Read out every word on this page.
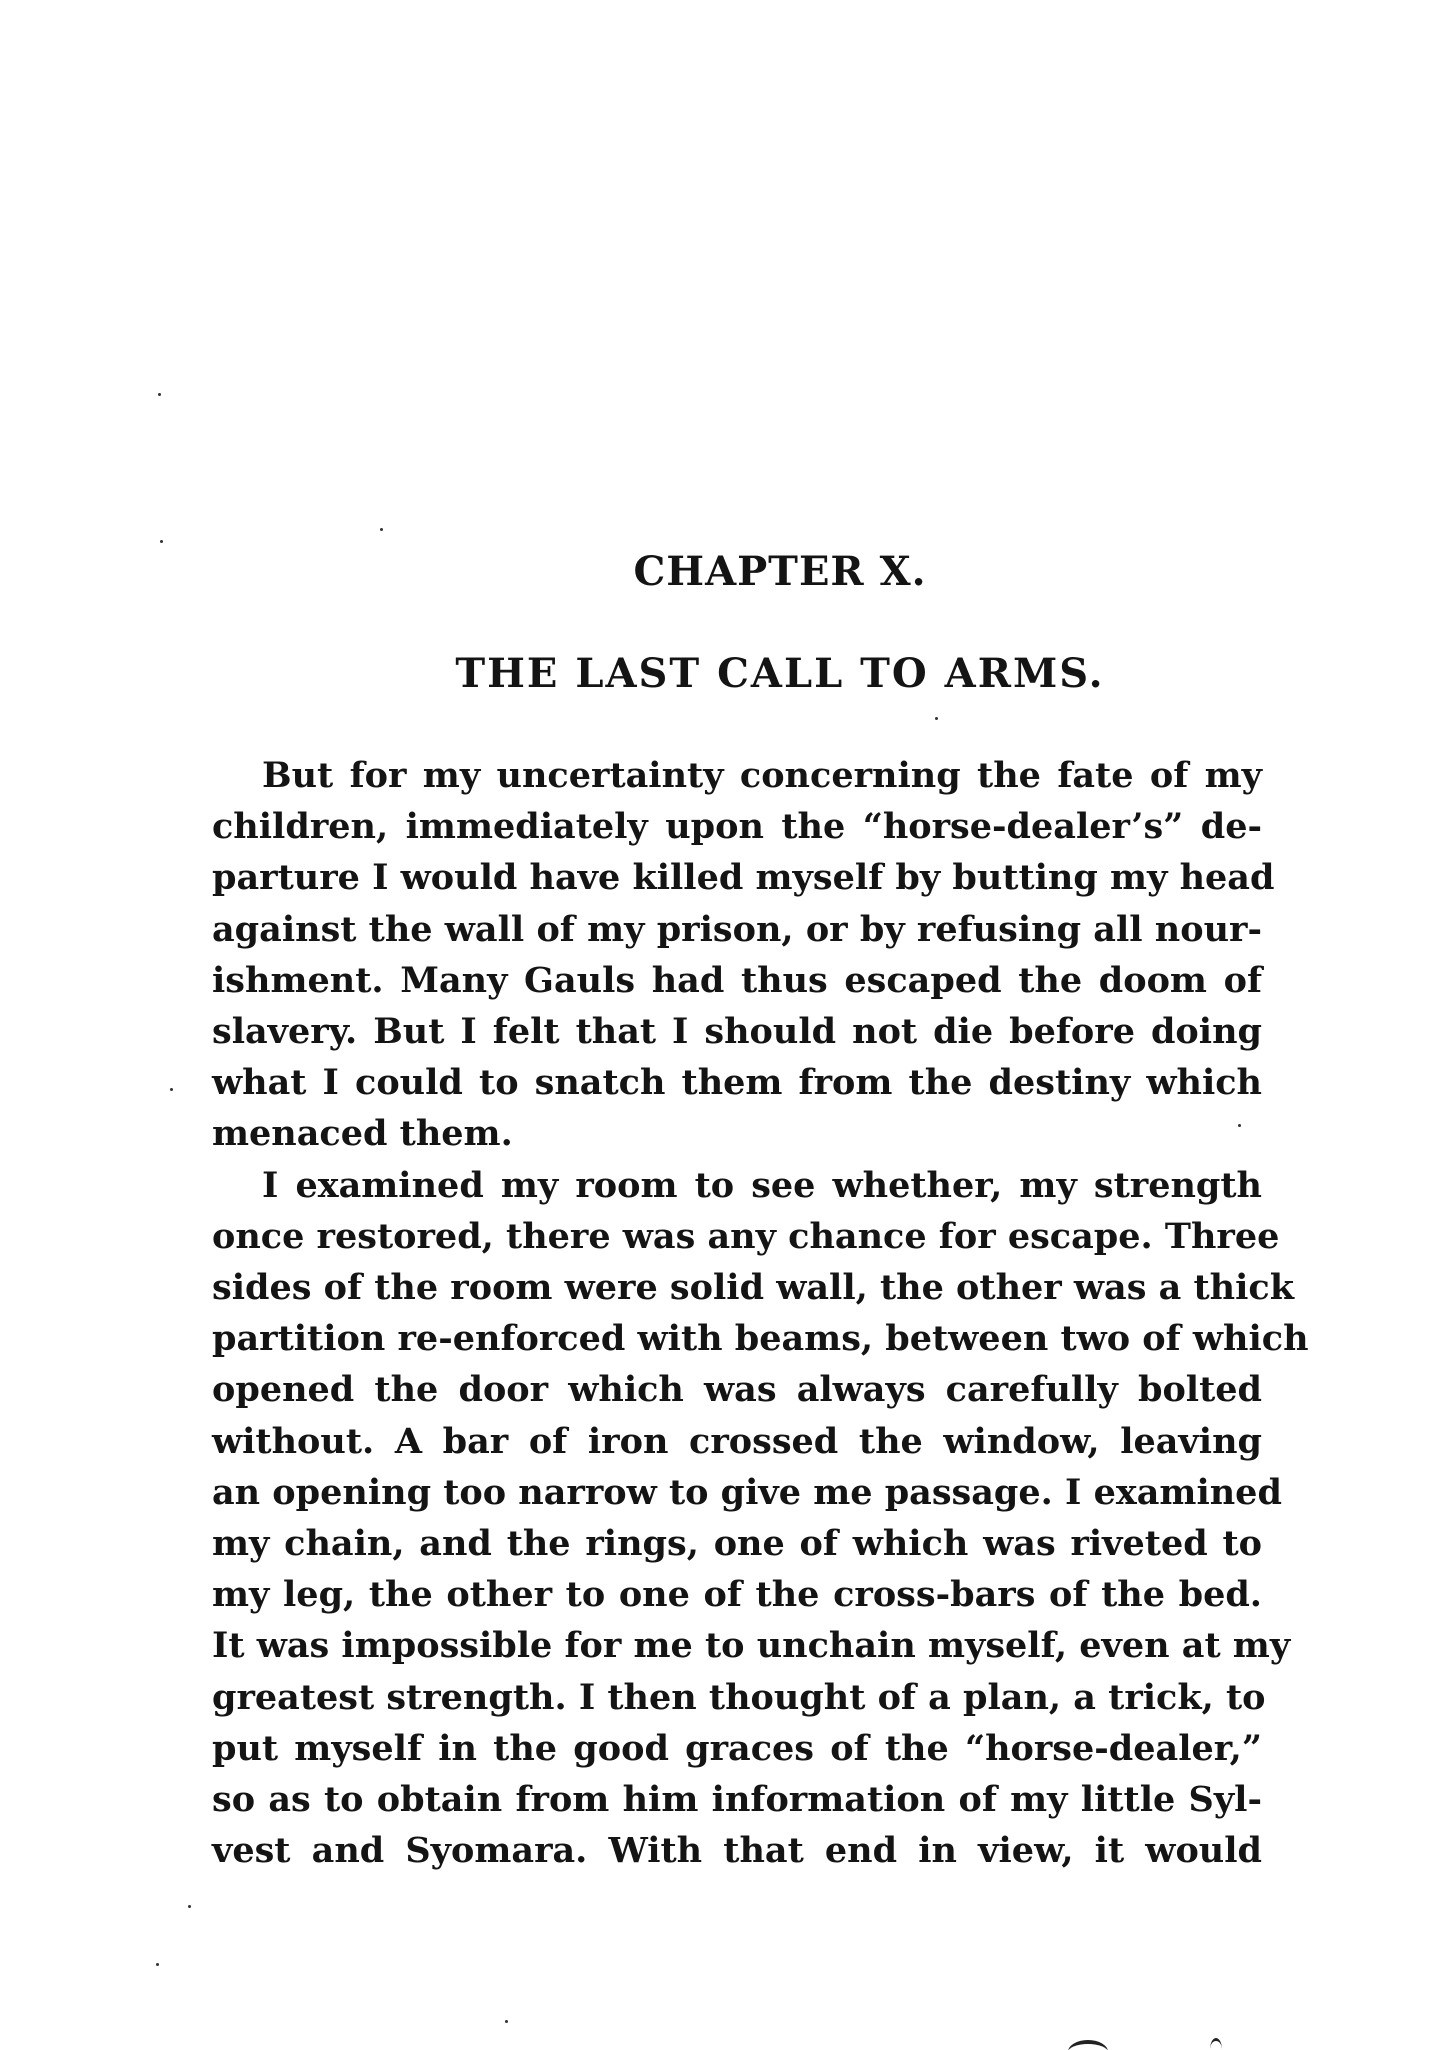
CHAPTER X.
THE LAST CALL TO ARMS.
But for my uncertainty concerning the fate of my
children, immediately upon the “horse-dealer’s” de-
parture I would have killed myself by butting my head
against the wall of my prison, or by refusing all nour-
ishment. Many Gauls had thus escaped the doom of
slavery. But I felt that I should not die before doing
what I could to snatch them from the destiny which
menaced them.
I examined my room to see whether, my strength
once restored, there was any chance for escape. Three
sides of the room were solid wall, the other was a thick
partition re-enforced with beams, between two of which
opened the door which was always carefully bolted
without. A bar of iron crossed the window, leaving
an opening too narrow to give me passage. I examined
my chain, and the rings, one of which was riveted to
my leg, the other to one of the cross-bars of the bed.
It was impossible for me to unchain myself, even at my
greatest strength. I then thought of a plan, a trick, to
put myself in the good graces of the “horse-dealer,”
so as to obtain from him information of my little Syl-
vest and Syomara. With that end in view, it would
